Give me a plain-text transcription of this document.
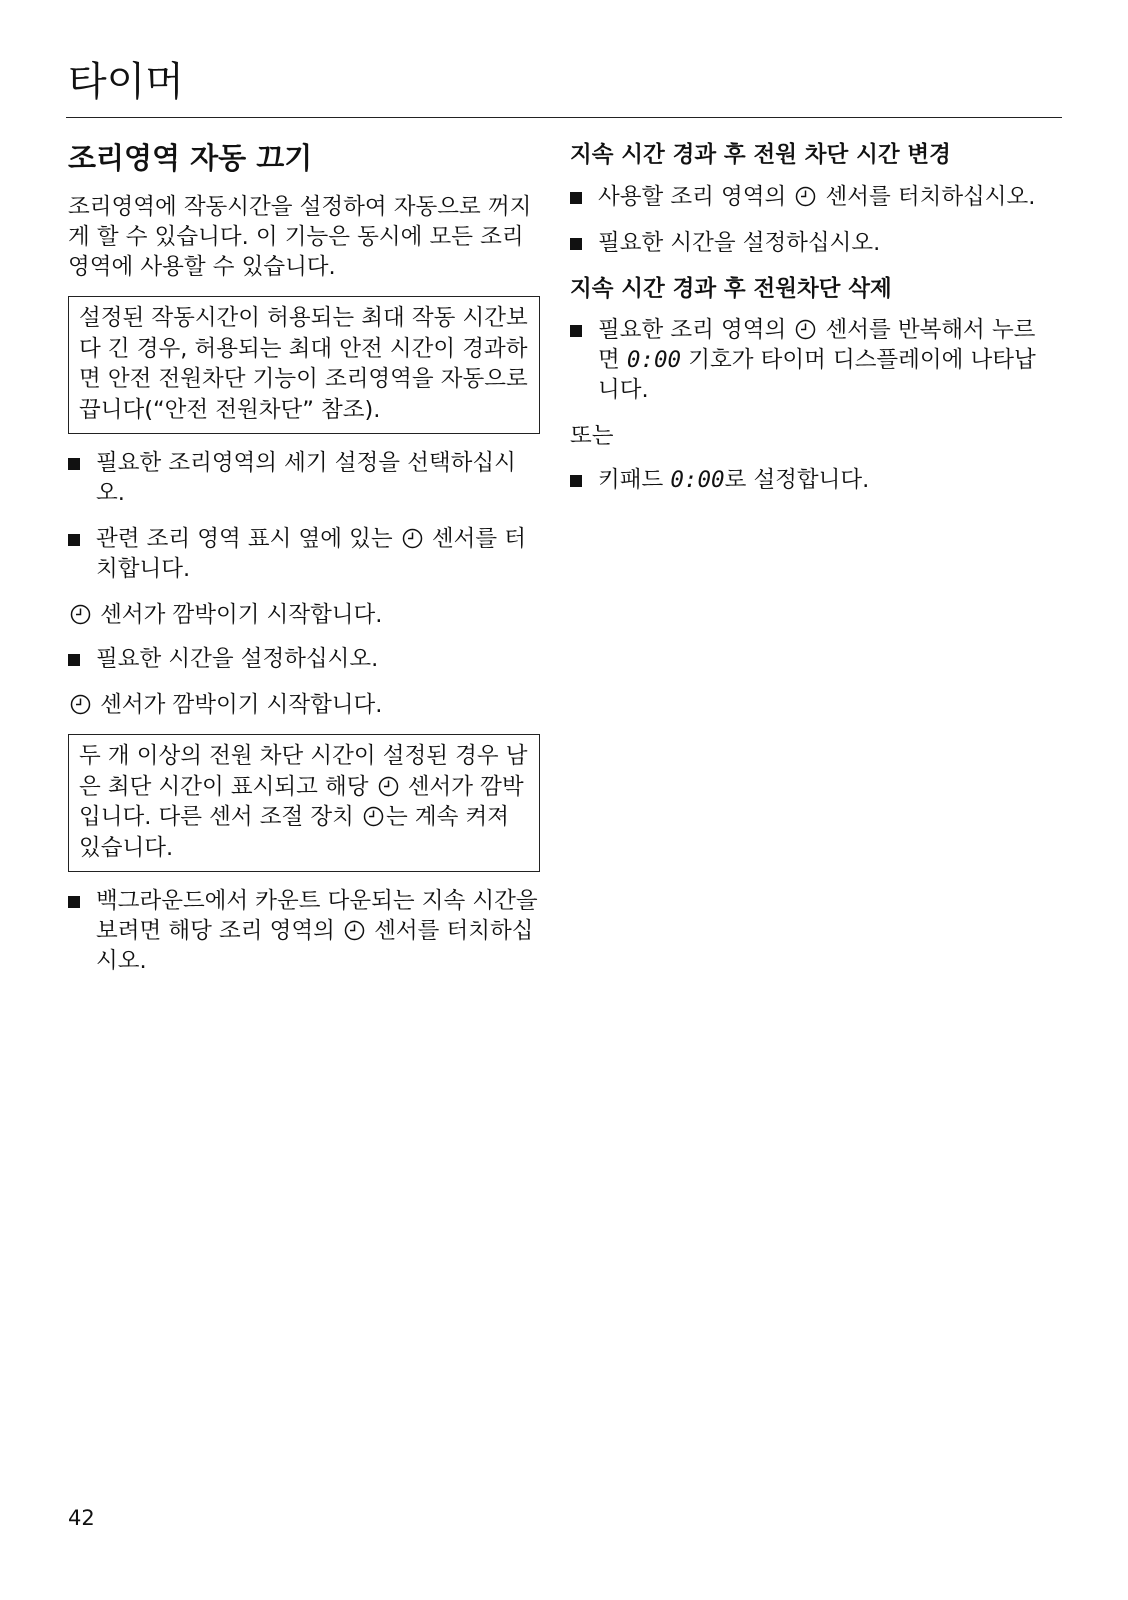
타이머
조리영역 자동 끄기

조리영역에 작동시간을 설정하여 자동으로 꺼지게 할 수 있습니다. 이 기능은 동시에 모든 조리영역에 사용할 수 있습니다.

설정된 작동시간이 허용되는 최대 작동 시간보다 긴 경우, 허용되는 최대 안전 시간이 경과하면 안전 전원차단 기능이 조리영역을 자동으로 끕니다(“안전 전원차단” 참조).
필요한 조리영역의 세기 설정을 선택하십시오.
관련 조리 영역 표시 옆에 있는 센서를 터치합니다.

센서가 깜박이기 시작합니다.

필요한 시간을 설정하십시오.

센서가 깜박이기 시작합니다.

두 개 이상의 전원 차단 시간이 설정된 경우 남은 최단 시간이 표시되고 해당 센서가 깜박입니다. 다른 센서 조절 장치 는 계속 켜져 있습니다.
백그라운드에서 카운트 다운되는 지속 시간을 보려면 해당 조리 영역의 센서를 터치하십시오.
지속 시간 경과 후 전원 차단 시간 변경
사용할 조리 영역의 센서를 터치하십시오.
필요한 시간을 설정하십시오.
지속 시간 경과 후 전원차단 삭제
필요한 조리 영역의 센서를 반복해서 누르면 0:00 기호가 타이머 디스플레이에 나타납니다.

또는

키패드 0:00로 설정합니다.
42
